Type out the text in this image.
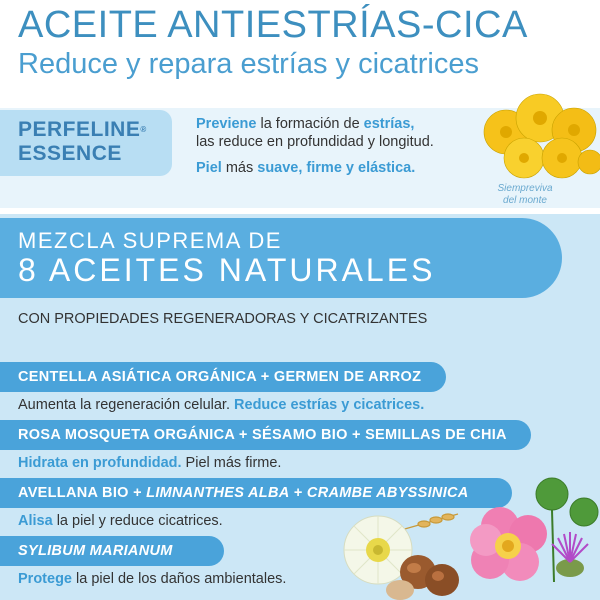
ACEITE ANTIESTRÍAS-CICA
Reduce y repara estrías y cicatrices
PERFELINE®
ESSENCE
Previene la formación de estrías,
las reduce en profundidad y longitud.
Piel más suave, firme y elástica.
Siempreviva
del monte
MEZCLA SUPREMA DE
8 ACEITES NATURALES
CON PROPIEDADES REGENERADORAS Y CICATRIZANTES
CENTELLA ASIÁTICA ORGÁNICA + GERMEN DE ARROZ
Aumenta la regeneración celular. Reduce estrías y cicatrices.
ROSA MOSQUETA ORGÁNICA + SÉSAMO BIO + SEMILLAS DE CHIA
Hidrata en profundidad. Piel más firme.
AVELLANA BIO + LIMNANTHES ALBA + CRAMBE ABYSSINICA
Alisa la piel y reduce cicatrices.
SYLIBUM MARIANUM
Protege la piel de los daños ambientales.
